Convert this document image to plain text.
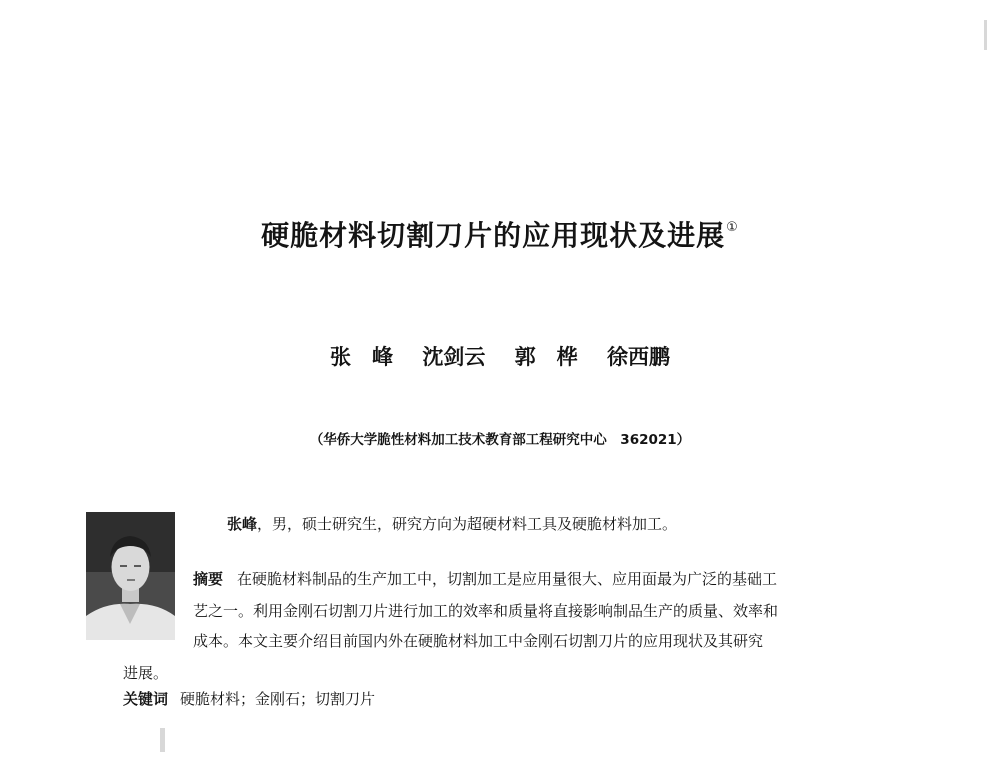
硬脆材料切割刀片的应用现状及进展①
张　峰 沈剑云 郭　桦 徐西鹏
（华侨大学脆性材料加工技术教育部工程研究中心　362021）
张峰，男，硕士研究生，研究方向为超硬材料工具及硬脆材料加工。
摘要 在硬脆材料制品的生产加工中，切割加工是应用量很大、应用面最为广泛的基础工
艺之一。利用金刚石切割刀片进行加工的效率和质量将直接影响制品生产的质量、效率和
成本。本文主要介绍目前国内外在硬脆材料加工中金刚石切割刀片的应用现状及其研究
进展。
关键词 硬脆材料；金刚石；切割刀片
